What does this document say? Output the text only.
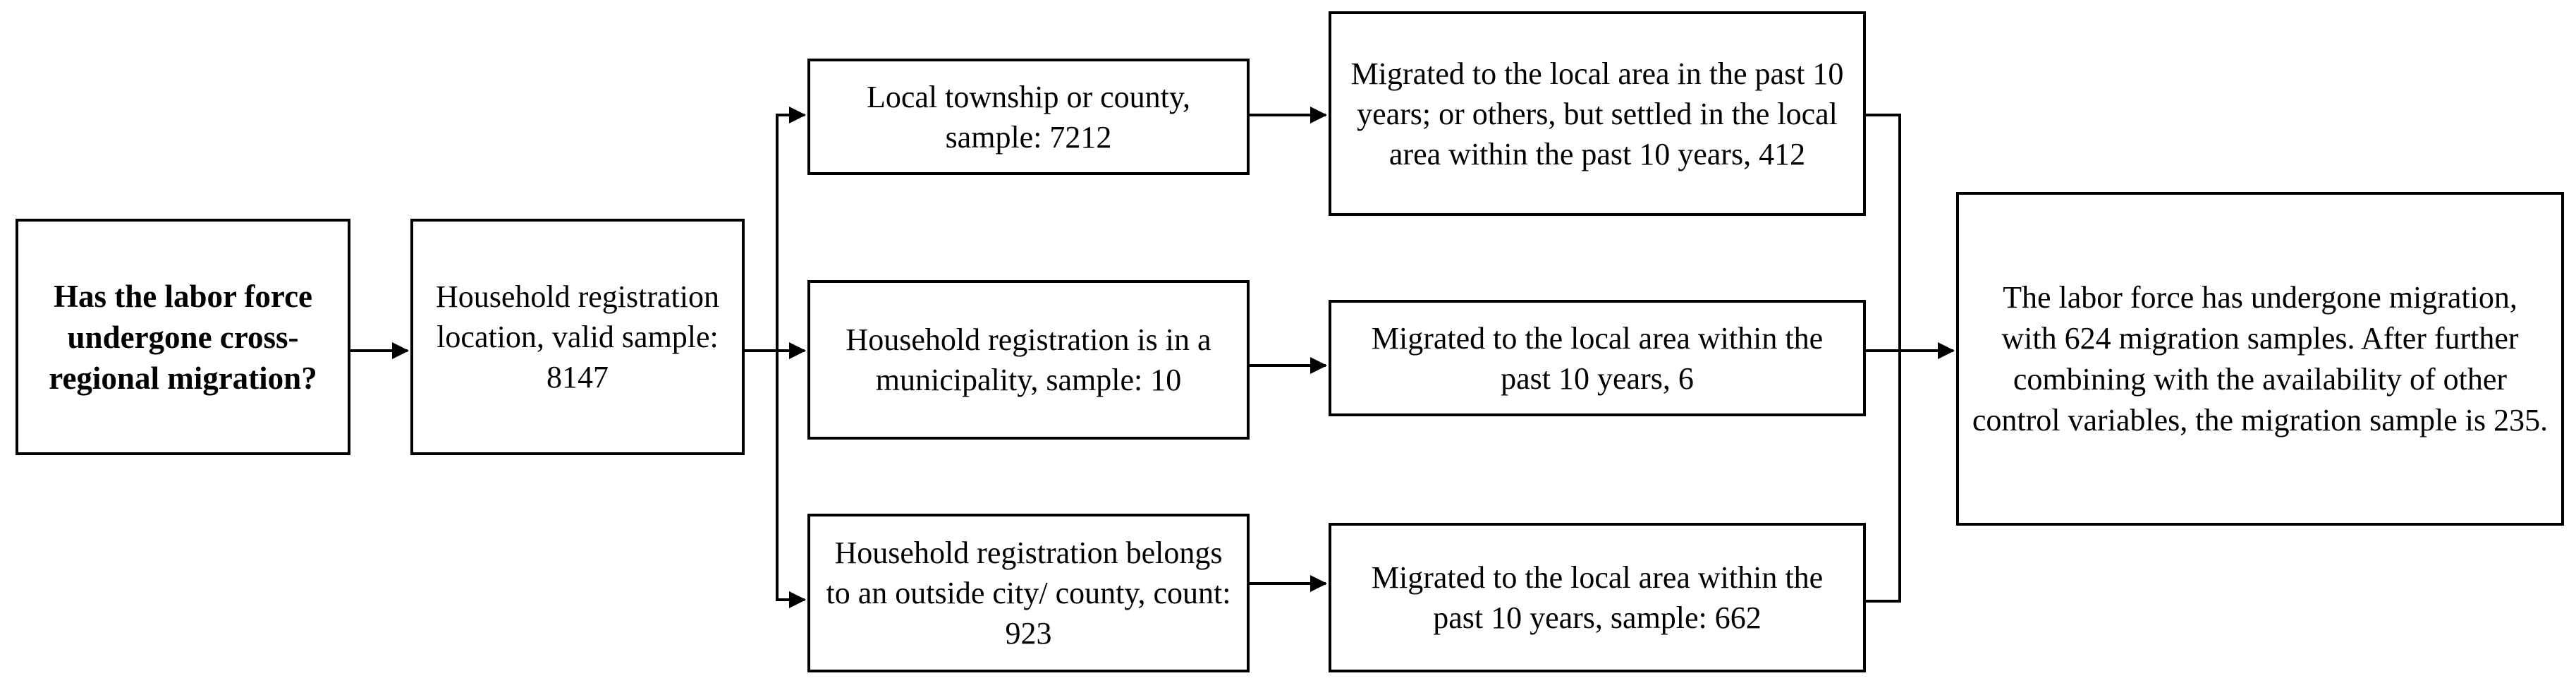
Has the labor force undergone cross-regional migration?
Household registration location, valid sample: 8147
Local township or county, sample: 7212
Household registration is in a municipality, sample: 10
Household registration belongs to an outside city/ county, count: 923
Migrated to the local area in the past 10 years; or others, but settled in the local area within the past 10 years, 412
Migrated to the local area within the past 10 years, 6
Migrated to the local area within the past 10 years, sample: 662
The labor force has undergone migration, with 624 migration samples. After further combining with the availability of other control variables, the migration sample is 235.
